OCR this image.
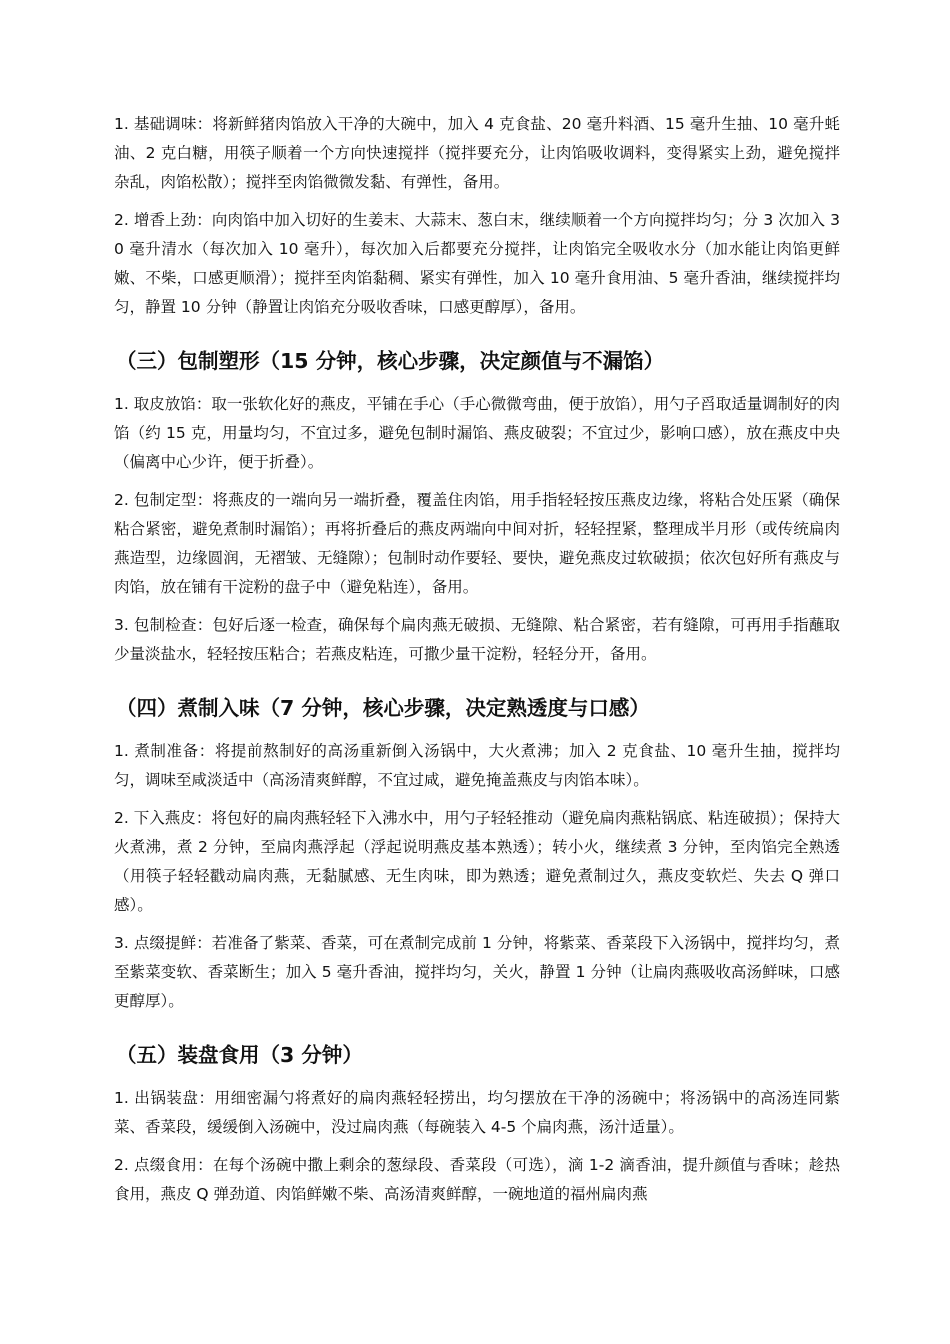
1. 基础调味：将新鲜猪肉馅放入干净的大碗中，加入 4 克食盐、20 毫升料酒、15 毫升生抽、10 毫升蚝油、2 克白糖，用筷子顺着一个方向快速搅拌（搅拌要充分，让肉馅吸收调料，变得紧实上劲，避免搅拌杂乱，肉馅松散）；搅拌至肉馅微微发黏、有弹性，备用。

2. 增香上劲：向肉馅中加入切好的生姜末、大蒜末、葱白末，继续顺着一个方向搅拌均匀；分 3 次加入 30 毫升清水（每次加入 10 毫升），每次加入后都要充分搅拌，让肉馅完全吸收水分（加水能让肉馅更鲜嫩、不柴，口感更顺滑）；搅拌至肉馅黏稠、紧实有弹性，加入 10 毫升食用油、5 毫升香油，继续搅拌均匀，静置 10 分钟（静置让肉馅充分吸收香味，口感更醇厚），备用。

（三）包制塑形（15 分钟，核心步骤，决定颜值与不漏馅）

1. 取皮放馅：取一张软化好的燕皮，平铺在手心（手心微微弯曲，便于放馅），用勺子舀取适量调制好的肉馅（约 15 克，用量均匀，不宜过多，避免包制时漏馅、燕皮破裂；不宜过少，影响口感），放在燕皮中央（偏离中心少许，便于折叠）。

2. 包制定型：将燕皮的一端向另一端折叠，覆盖住肉馅，用手指轻轻按压燕皮边缘，将粘合处压紧（确保粘合紧密，避免煮制时漏馅）；再将折叠后的燕皮两端向中间对折，轻轻捏紧，整理成半月形（或传统扁肉燕造型，边缘圆润，无褶皱、无缝隙）；包制时动作要轻、要快，避免燕皮过软破损；依次包好所有燕皮与肉馅，放在铺有干淀粉的盘子中（避免粘连），备用。

3. 包制检查：包好后逐一检查，确保每个扁肉燕无破损、无缝隙、粘合紧密，若有缝隙，可再用手指蘸取少量淡盐水，轻轻按压粘合；若燕皮粘连，可撒少量干淀粉，轻轻分开，备用。

（四）煮制入味（7 分钟，核心步骤，决定熟透度与口感）

1. 煮制准备：将提前熬制好的高汤重新倒入汤锅中，大火煮沸；加入 2 克食盐、10 毫升生抽，搅拌均匀，调味至咸淡适中（高汤清爽鲜醇，不宜过咸，避免掩盖燕皮与肉馅本味）。

2. 下入燕皮：将包好的扁肉燕轻轻下入沸水中，用勺子轻轻推动（避免扁肉燕粘锅底、粘连破损）；保持大火煮沸，煮 2 分钟，至扁肉燕浮起（浮起说明燕皮基本熟透）；转小火，继续煮 3 分钟，至肉馅完全熟透（用筷子轻轻戳动扁肉燕，无黏腻感、无生肉味，即为熟透；避免煮制过久，燕皮变软烂、失去 Q 弹口感）。

3. 点缀提鲜：若准备了紫菜、香菜，可在煮制完成前 1 分钟，将紫菜、香菜段下入汤锅中，搅拌均匀，煮至紫菜变软、香菜断生；加入 5 毫升香油，搅拌均匀，关火，静置 1 分钟（让扁肉燕吸收高汤鲜味，口感更醇厚）。

（五）装盘食用（3 分钟）

1. 出锅装盘：用细密漏勺将煮好的扁肉燕轻轻捞出，均匀摆放在干净的汤碗中；将汤锅中的高汤连同紫菜、香菜段，缓缓倒入汤碗中，没过扁肉燕（每碗装入 4-5 个扁肉燕，汤汁适量）。

2. 点缀食用：在每个汤碗中撒上剩余的葱绿段、香菜段（可选），滴 1-2 滴香油，提升颜值与香味；趁热食用，燕皮 Q 弹劲道、肉馅鲜嫩不柴、高汤清爽鲜醇，一碗地道的福州扁肉燕
